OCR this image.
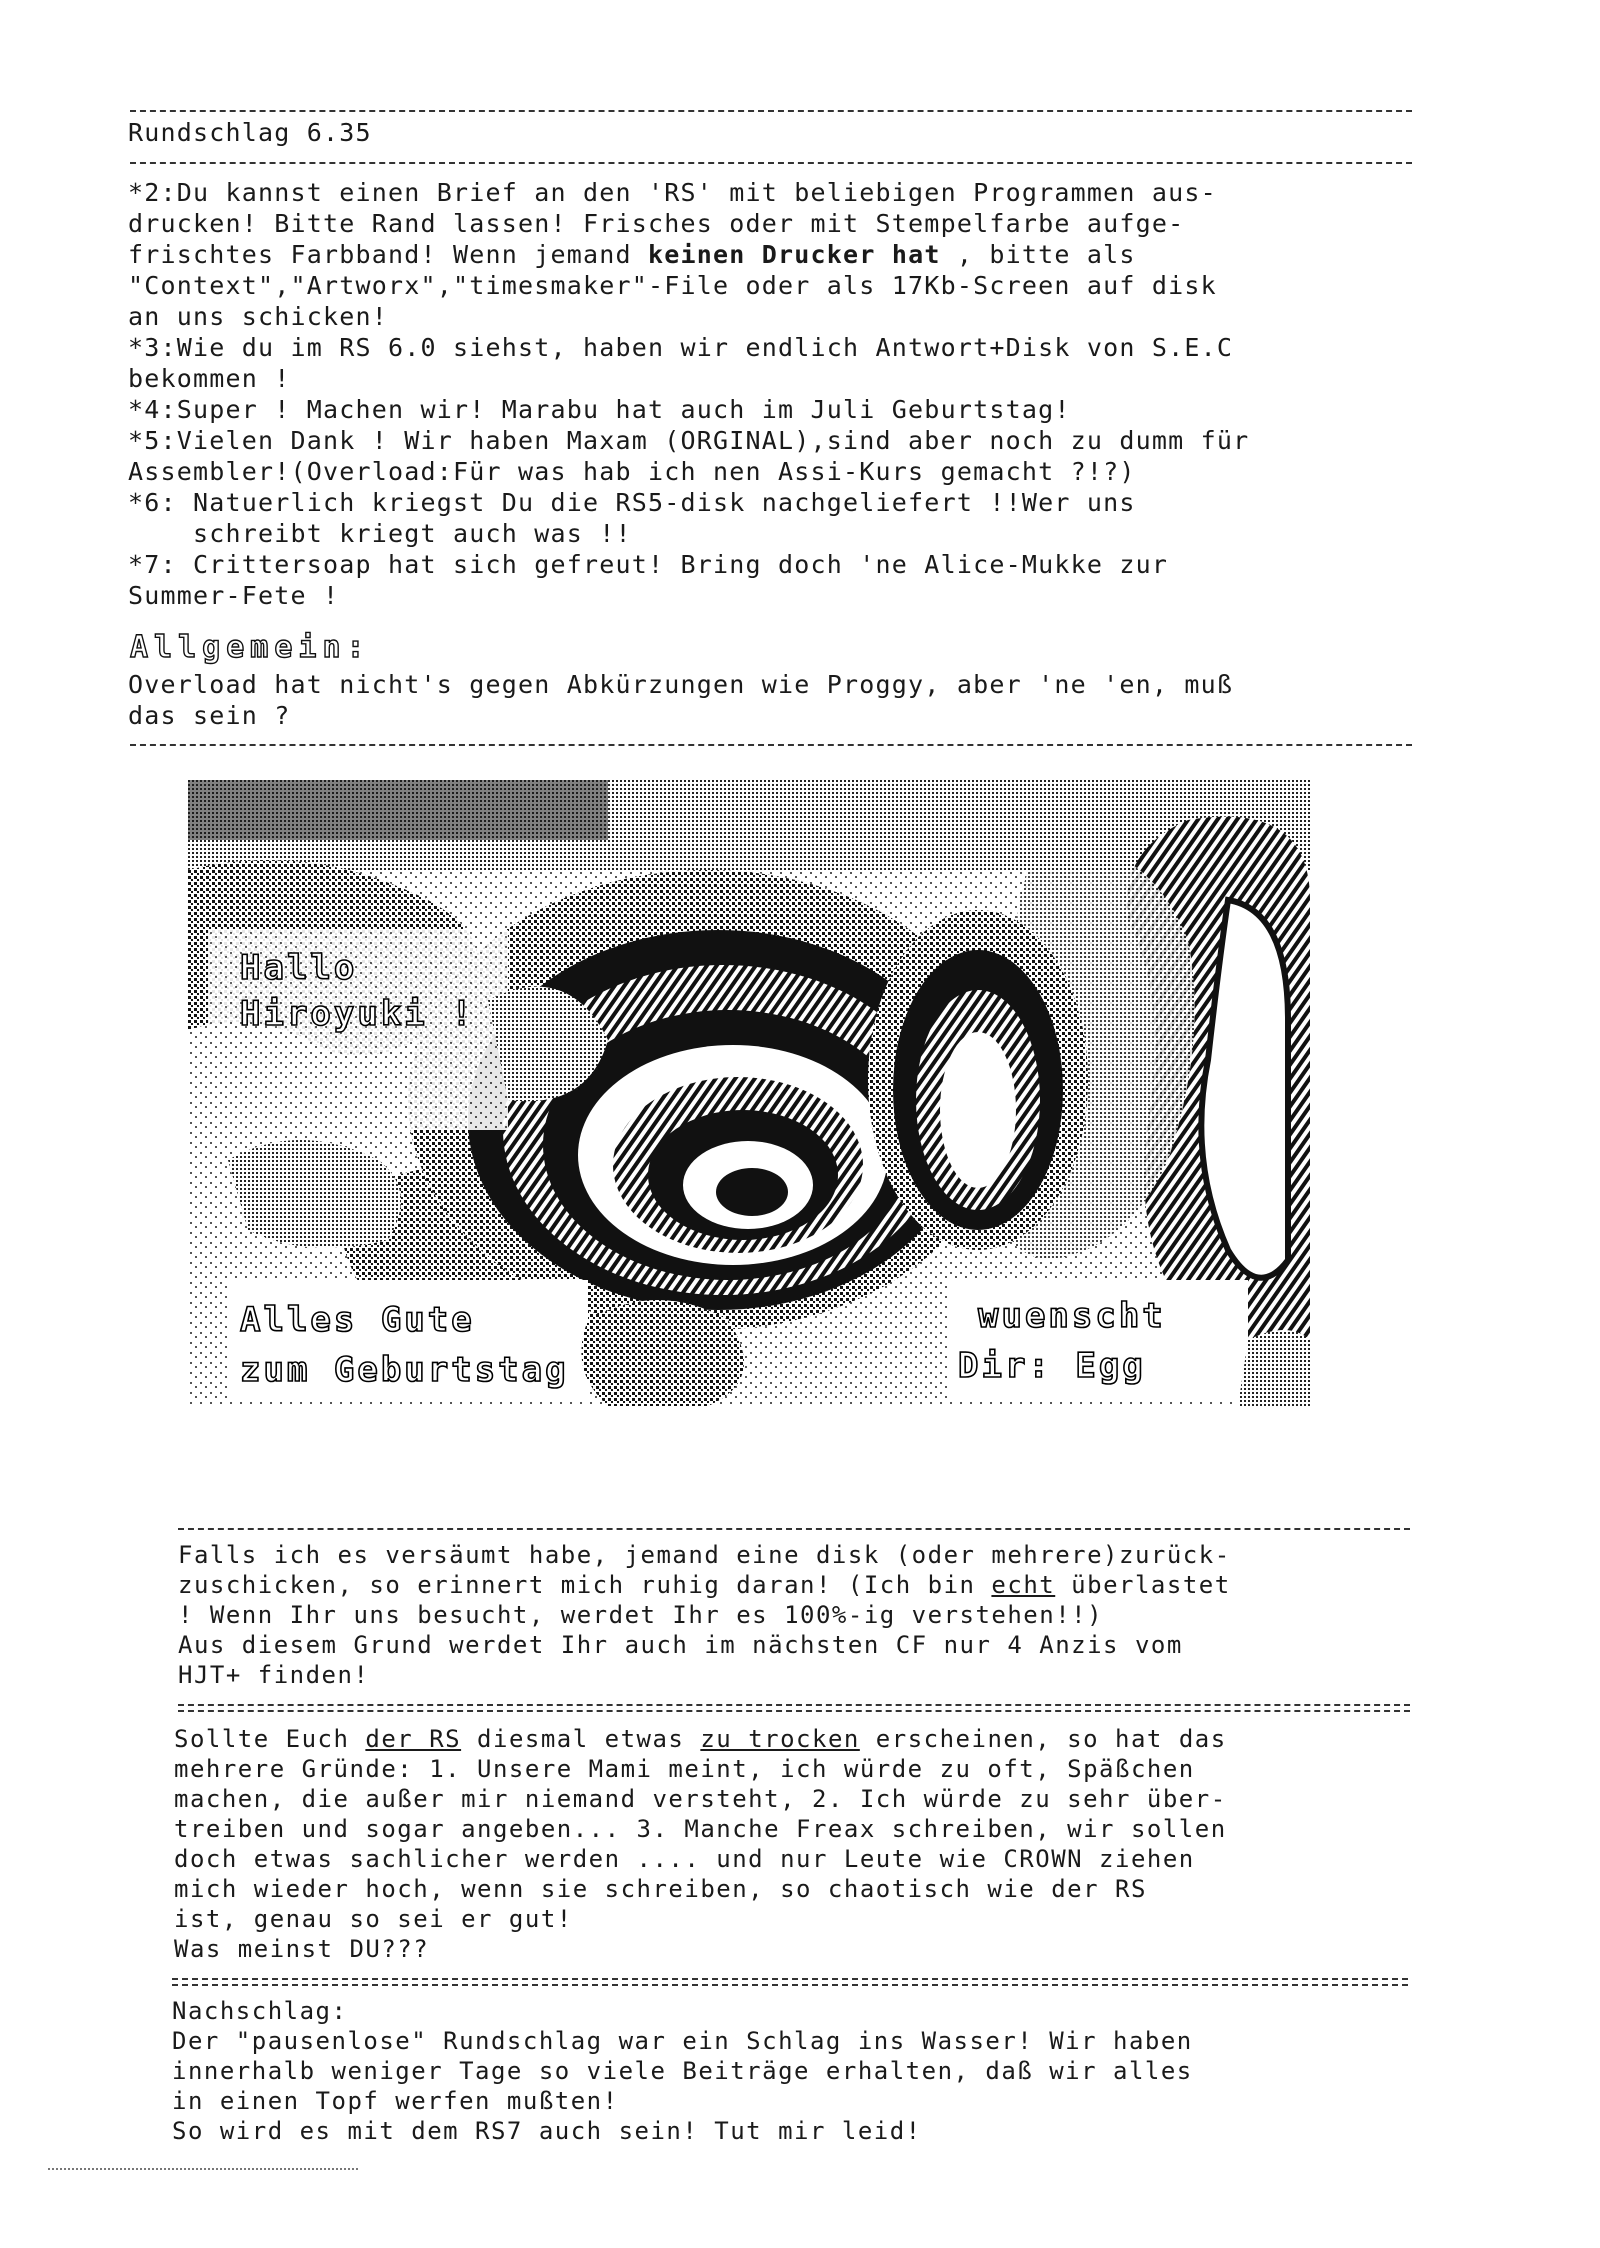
Rundschlag 6.35
*2:Du kannst einen Brief an den 'RS' mit beliebigen Programmen aus-
drucken! Bitte Rand lassen! Frisches oder mit Stempelfarbe aufge-
frischtes Farbband! Wenn jemand keinen Drucker hat , bitte als
"Context","Artworx","timesmaker"-File oder als 17Kb-Screen auf disk
an uns schicken!
*3:Wie du im RS 6.0 siehst, haben wir endlich Antwort+Disk von S.E.C
bekommen !
*4:Super ! Machen wir! Marabu hat auch im Juli Geburtstag!
*5:Vielen Dank ! Wir haben Maxam (ORGINAL),sind aber noch zu dumm für
Assembler!(Overload:Für was hab ich nen Assi-Kurs gemacht ?!?)
*6: Natuerlich kriegst Du die RS5-disk nachgeliefert !!Wer uns
schreibt kriegt auch was !!
*7: Crittersoap hat sich gefreut! Bring doch 'ne Alice-Mukke zur
Summer-Fete !
Allgemein:
Overload hat nicht's gegen Abkürzungen wie Proggy, aber 'ne 'en, muß
das sein ?
Hallo
Hiroyuki !
Alles Gute
zum Geburtstag
wuenscht
Dir: Egg
Falls ich es versäumt habe, jemand eine disk (oder mehrere)zurück-
zuschicken, so erinnert mich ruhig daran! (Ich bin echt überlastet
! Wenn Ihr uns besucht, werdet Ihr es 100%-ig verstehen!!)
Aus diesem Grund werdet Ihr auch im nächsten CF nur 4 Anzis vom
HJT+ finden!
Sollte Euch der RS diesmal etwas zu trocken erscheinen, so hat das
mehrere Gründe: 1. Unsere Mami meint, ich würde zu oft, Späßchen
machen, die außer mir niemand versteht, 2. Ich würde zu sehr über-
treiben und sogar angeben... 3. Manche Freax schreiben, wir sollen
doch etwas sachlicher werden .... und nur Leute wie CROWN ziehen
mich wieder hoch, wenn sie schreiben, so chaotisch wie der RS
ist, genau so sei er gut!
Was meinst DU???
Nachschlag:
Der "pausenlose" Rundschlag war ein Schlag ins Wasser! Wir haben
innerhalb weniger Tage so viele Beiträge erhalten, daß wir alles
in einen Topf werfen mußten!
So wird es mit dem RS7 auch sein! Tut mir leid!
